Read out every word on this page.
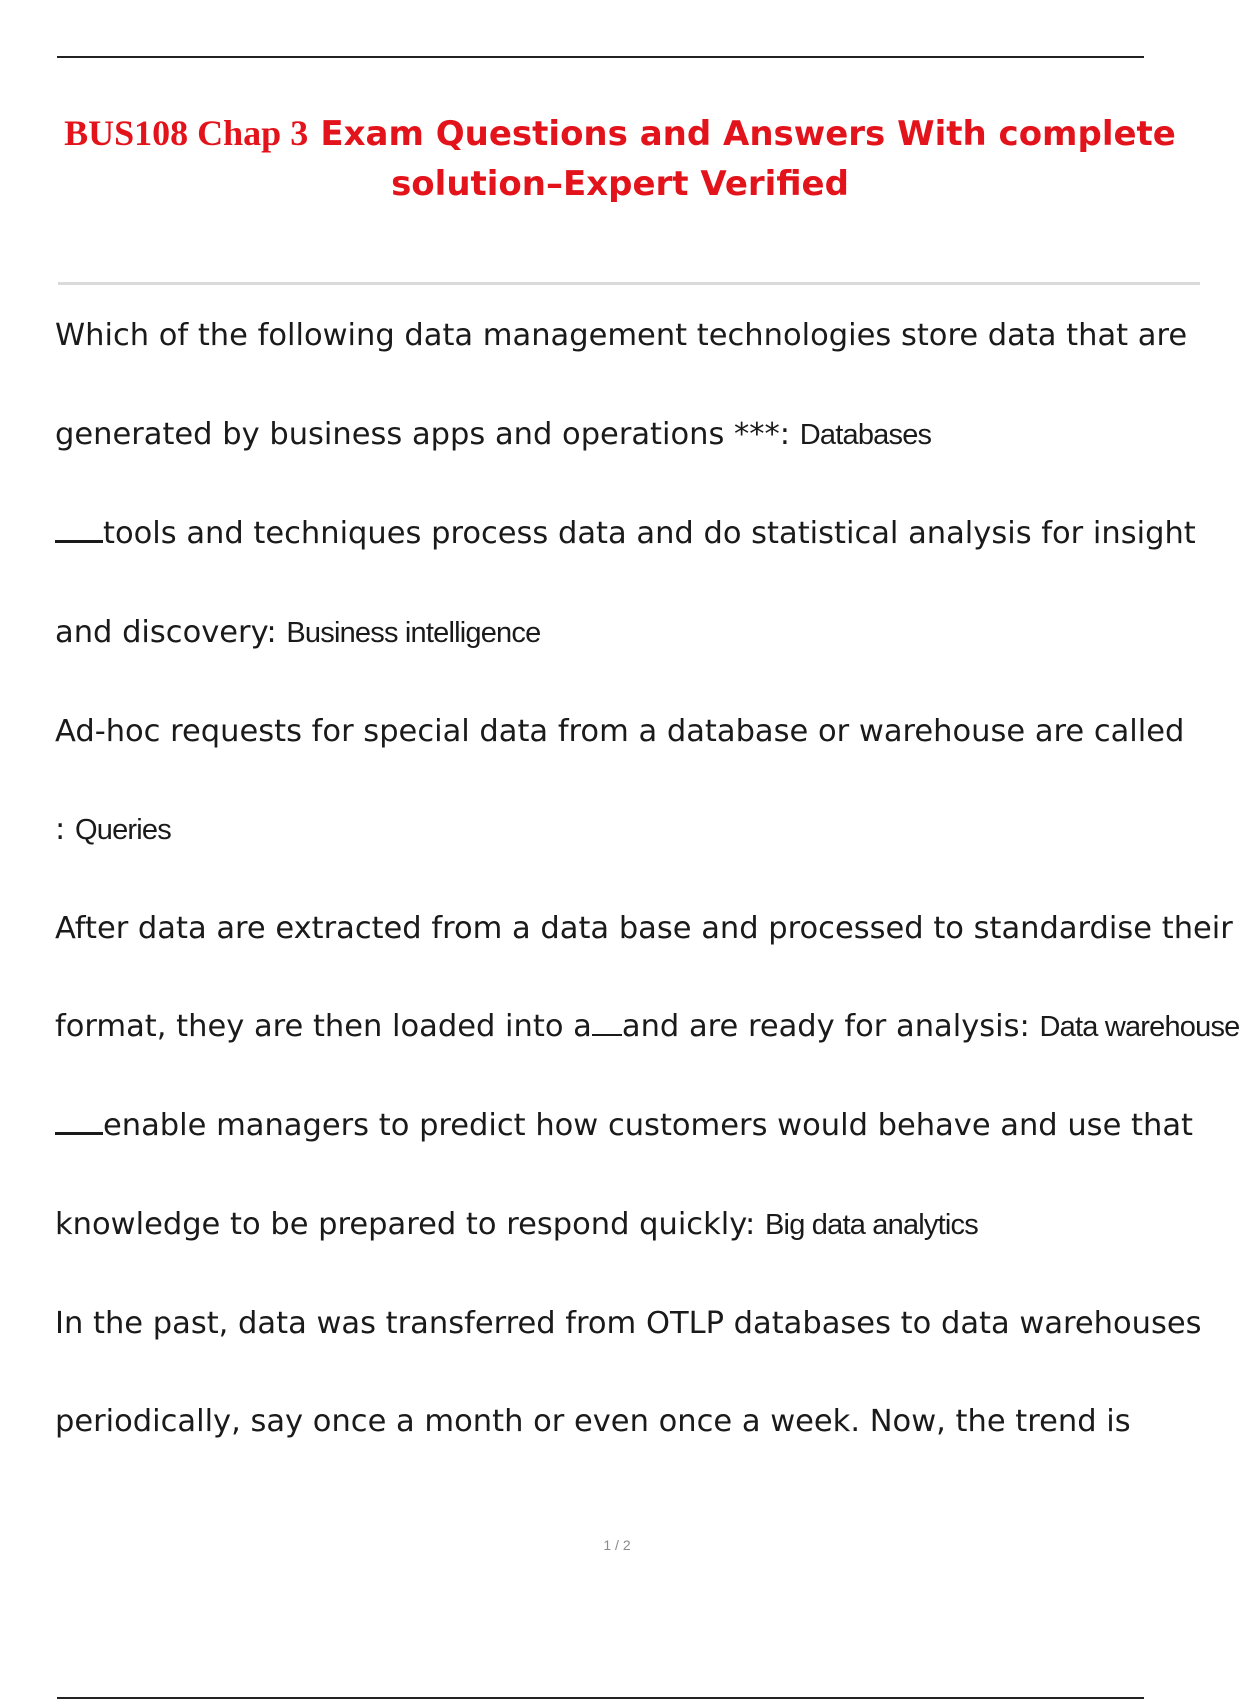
BUS108 Chap 3 Exam Questions and Answers With complete
solution–Expert Verified
Which of the following data management technologies store data that are
generated by business apps and operations ***: Databases
tools and techniques process data and do statistical analysis for insight
and discovery: Business intelligence
Ad-hoc requests for special data from a database or warehouse are called
: Queries
After data are extracted from a data base and processed to standardise their
format, they are then loaded into a and are ready for analysis: Data warehouse
enable managers to predict how customers would behave and use that
knowledge to be prepared to respond quickly: Big data analytics
In the past, data was transferred from OTLP databases to data warehouses
periodically, say once a month or even once a week. Now, the trend is
1 / 2
